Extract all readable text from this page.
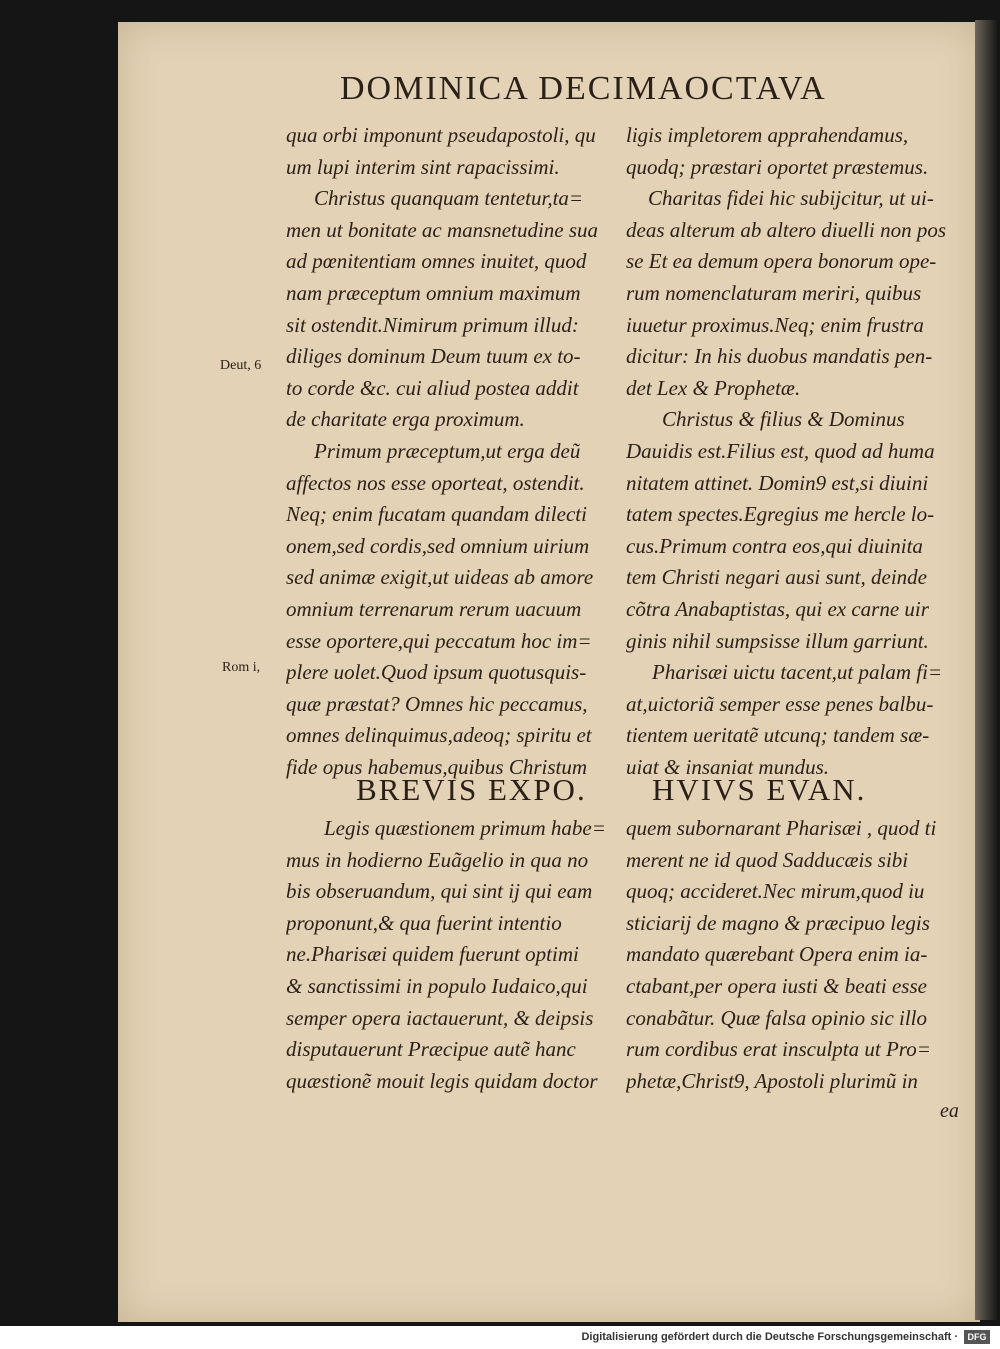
DOMINICA DECIMAOCTAVA
Deut, 6
Rom i,

qua orbi imponunt pseudapostoli, qu

um lupi interim sint rapacissimi.

Christus quanquam tentetur,ta=

men ut bonitate ac mansnetudine sua

ad pœnitentiam omnes inuitet, quod

nam præceptum omnium maximum

sit ostendit.Nimirum primum illud:

diliges dominum Deum tuum ex to-

to corde &c. cui aliud postea addit

de charitate erga proximum.

Primum præceptum,ut erga deũ

affectos nos esse oporteat, ostendit.

Neq; enim fucatam quandam dilecti

onem,sed cordis,sed omnium uirium

sed animæ exigit,ut uideas ab amore

omnium terrenarum rerum uacuum

esse oportere,qui peccatum hoc im=

plere uolet.Quod ipsum quotusquis-

quæ præstat? Omnes hic peccamus,

omnes delinquimus,adeoq; spiritu et

fide opus habemus,quibus Christum

ligis impletorem apprahendamus,

quodq; præstari oportet præstemus.

Charitas fidei hic subijcitur, ut ui-

deas alterum ab altero diuelli non pos

se Et ea demum opera bonorum ope-

rum nomenclaturam meriri, quibus

iuuetur proximus.Neq; enim frustra

dicitur: In his duobus mandatis pen-

det Lex & Prophetæ.

Christus & filius & Dominus

Dauidis est.Filius est, quod ad huma

nitatem attinet. Domin9 est,si diuini

tatem spectes.Egregius me hercle lo-

cus.Primum contra eos,qui diuinita

tem Christi negari ausi sunt, deinde

cõtra Anabaptistas, qui ex carne uir

ginis nihil sumpsisse illum garriunt.

Pharisæi uictu tacent,ut palam fi=

at,uictoriã semper esse penes balbu-

tientem ueritatẽ utcunq; tandem sæ-

uiat & insaniat mundus.

BREVIS EXPO. HVIVS EVAN.

Legis quæstionem primum habe=

mus in hodierno Euãgelio in qua no

bis obseruandum, qui sint ij qui eam

proponunt,& qua fuerint intentio

ne.Pharisæi quidem fuerunt optimi

& sanctissimi in populo Iudaico,qui

semper opera iactauerunt, & deipsis

disputauerunt Præcipue autẽ hanc

quæstionẽ mouit legis quidam doctor

quem subornarant Pharisæi , quod ti

merent ne id quod Sadducæis sibi

quoq; accideret.Nec mirum,quod iu

sticiarij de magno & præcipuo legis

mandato quærebant Opera enim ia-

ctabant,per opera iusti & beati esse

conabãtur. Quæ falsa opinio sic illo

rum cordibus erat insculpta ut Pro=

phetæ,Christ9, Apostoli plurimũ in

ea
Digitalisierung gefördert durch die Deutsche Forschungsgemeinschaft ·	DFG
